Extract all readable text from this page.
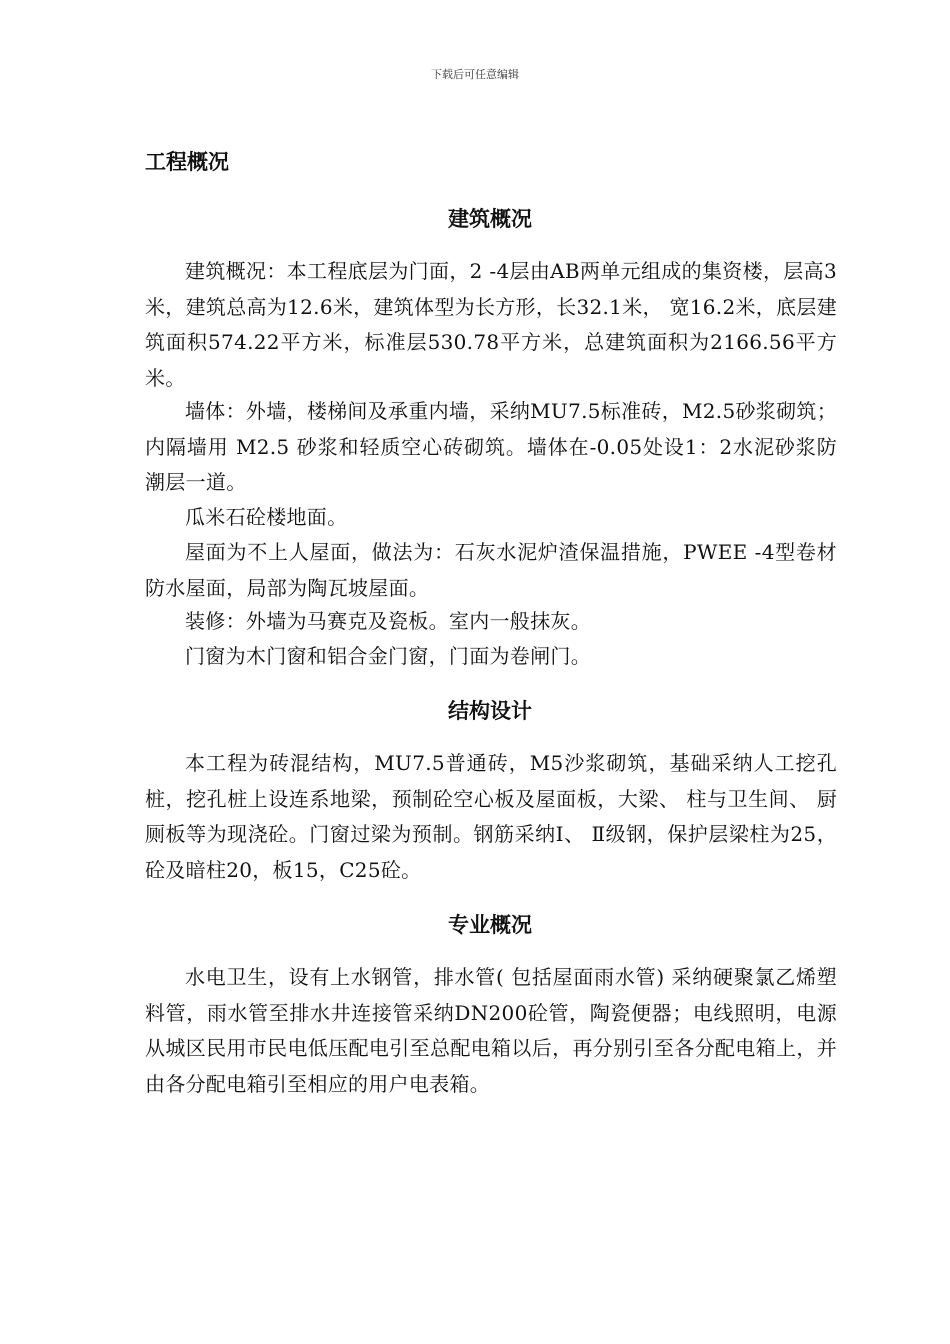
下载后可任意编辑
工程概况
建筑概况
建筑概况：本工程底层为门面，2 -4层由AB两单元组成的集资楼，层高3米，建筑总高为12.6米，建筑体型为长方形，长32.1米， 宽16.2米，底层建筑面积574.22平方米，标准层530.78平方米，总建筑面积为2166.56平方米。
墙体：外墙，楼梯间及承重内墙，采纳MU7.5标准砖，M2.5砂浆砌筑；内隔墙用 M2.5 砂浆和轻质空心砖砌筑。墙体在-0.05处设1：2水泥砂浆防潮层一道。
瓜米石砼楼地面。
屋面为不上人屋面，做法为：石灰水泥炉渣保温措施，PWEE -4型卷材防水屋面，局部为陶瓦坡屋面。
装修：外墙为马赛克及瓷板。室内一般抹灰。
门窗为木门窗和铝合金门窗，门面为卷闸门。
结构设计
本工程为砖混结构，MU7.5普通砖，M5沙浆砌筑，基础采纳人工挖孔桩，挖孔桩上设连系地梁，预制砼空心板及屋面板，大梁、 柱与卫生间、 厨厕板等为现浇砼。门窗过梁为预制。钢筋采纳Ⅰ、 Ⅱ级钢，保护层梁柱为25，砼及暗柱20，板15，C25砼。
专业概况
水电卫生，设有上水钢管，排水管( 包括屋面雨水管) 采纳硬聚氯乙烯塑料管，雨水管至排水井连接管采纳DN200砼管，陶瓷便器；电线照明，电源从城区民用市民电低压配电引至总配电箱以后，再分别引至各分配电箱上，并由各分配电箱引至相应的用户电表箱。
